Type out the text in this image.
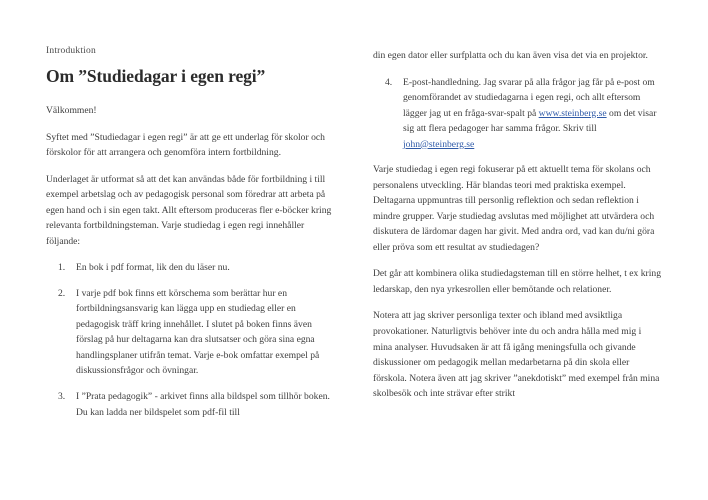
Introduktion

Om ”Studiedagar i egen regi”

Välkommen!

Syftet med ”Studiedagar i egen regi” är att ge ett underlag för skolor och förskolor för att arrangera och genomföra intern fortbildning.

Underlaget är utformat så att det kan användas både för fortbildning i till exempel arbetslag och av pedagogisk personal som föredrar att arbeta på egen hand och i sin egen takt. Allt eftersom produceras fler e-böcker kring relevanta fortbildningsteman. Varje studiedag i egen regi innehåller följande:

1.	En bok i pdf format, lik den du läser nu.
2.	I varje pdf bok finns ett körschema som berättar hur en fortbildningsansvarig kan lägga upp en studiedag eller en pedagogisk träff kring innehållet. I slutet på boken finns även förslag på hur deltagarna kan dra slutsatser och göra sina egna handlingsplaner utifrån temat. Varje e-bok omfattar exempel på diskussionsfrågor och övningar.
3.	I ”Prata pedagogik” - arkivet finns alla bildspel som tillhör boken. Du kan ladda ner bildspelet som pdf-fil till

din egen dator eller surfplatta och du kan även visa det via en projektor.

4.	E-post-handledning. Jag svarar på alla frågor jag får på e-post om genomförandet av studiedagarna i egen regi, och allt eftersom lägger jag ut en fråga-svar-spalt på www.steinberg.se om det visar sig att flera pedagoger har samma frågor. Skriv till john@steinberg.se

Varje studiedag i egen regi fokuserar på ett aktuellt tema för skolans och personalens utveckling. Här blandas teori med praktiska exempel. Deltagarna uppmuntras till personlig reflektion och sedan reflektion i mindre grupper. Varje studiedag avslutas med möjlighet att utvärdera och diskutera de lärdomar dagen har givit. Med andra ord, vad kan du/ni göra eller pröva som ett resultat av studiedagen?

Det går att kombinera olika studiedagsteman till en större helhet, t ex kring ledarskap, den nya yrkesrollen eller bemötande och relationer.

Notera att jag skriver personliga texter och ibland med avsiktliga provokationer. Naturligtvis behöver inte du och andra hålla med mig i mina analyser. Huvudsaken är att få igång meningsfulla och givande diskussioner om pedagogik mellan medarbetarna på din skola eller förskola. Notera även att jag skriver ”anekdotiskt” med exempel från mina skolbesök och inte strävar efter strikt
